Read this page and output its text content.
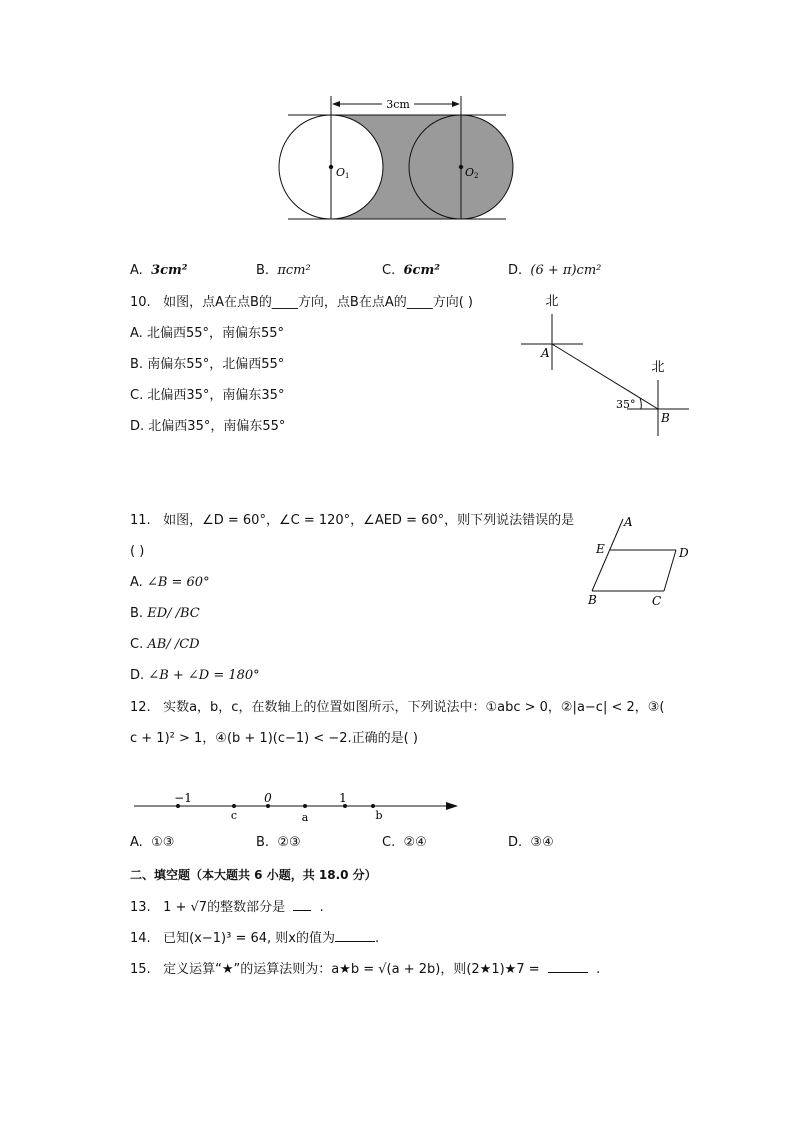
3cm
O1	O2
A. 3cm²	B. πcm²	C. 6cm²	D. (6 + π)cm²
10. 如图，点A在点B的____方向，点B在点A的____方向( )
A. 北偏西55°，南偏东55°
B. 南偏东55°，北偏西55°
C. 北偏西35°，南偏东35°
D. 北偏西35°，南偏东55°
北
A
北
35°
B
11. 如图，∠D = 60°，∠C = 120°，∠AED = 60°，则下列说法错误的是
( )
A. ∠B = 60°
B. ED/ /BC
C. AB/ /CD
D. ∠B + ∠D = 180°
A
E	D
B	C
12. 实数a，b，c，在数轴上的位置如图所示，下列说法中：①abc > 0，②|a−c| < 2，③(
c + 1)² > 1，④(b + 1)(c−1) < −2.正确的是( )
−1	0	1
c	a	b
A. ①③	B. ②③	C. ②④	D. ③④
二、填空题（本大题共 6 小题，共 18.0 分）
13. 1 + √7的整数部分是	.
14. 已知(x−1)³ = 64, 则x的值为	.
15. 定义运算“★”的运算法则为：a★b = √(a + 2b)，则(2★1)★7 =	.
